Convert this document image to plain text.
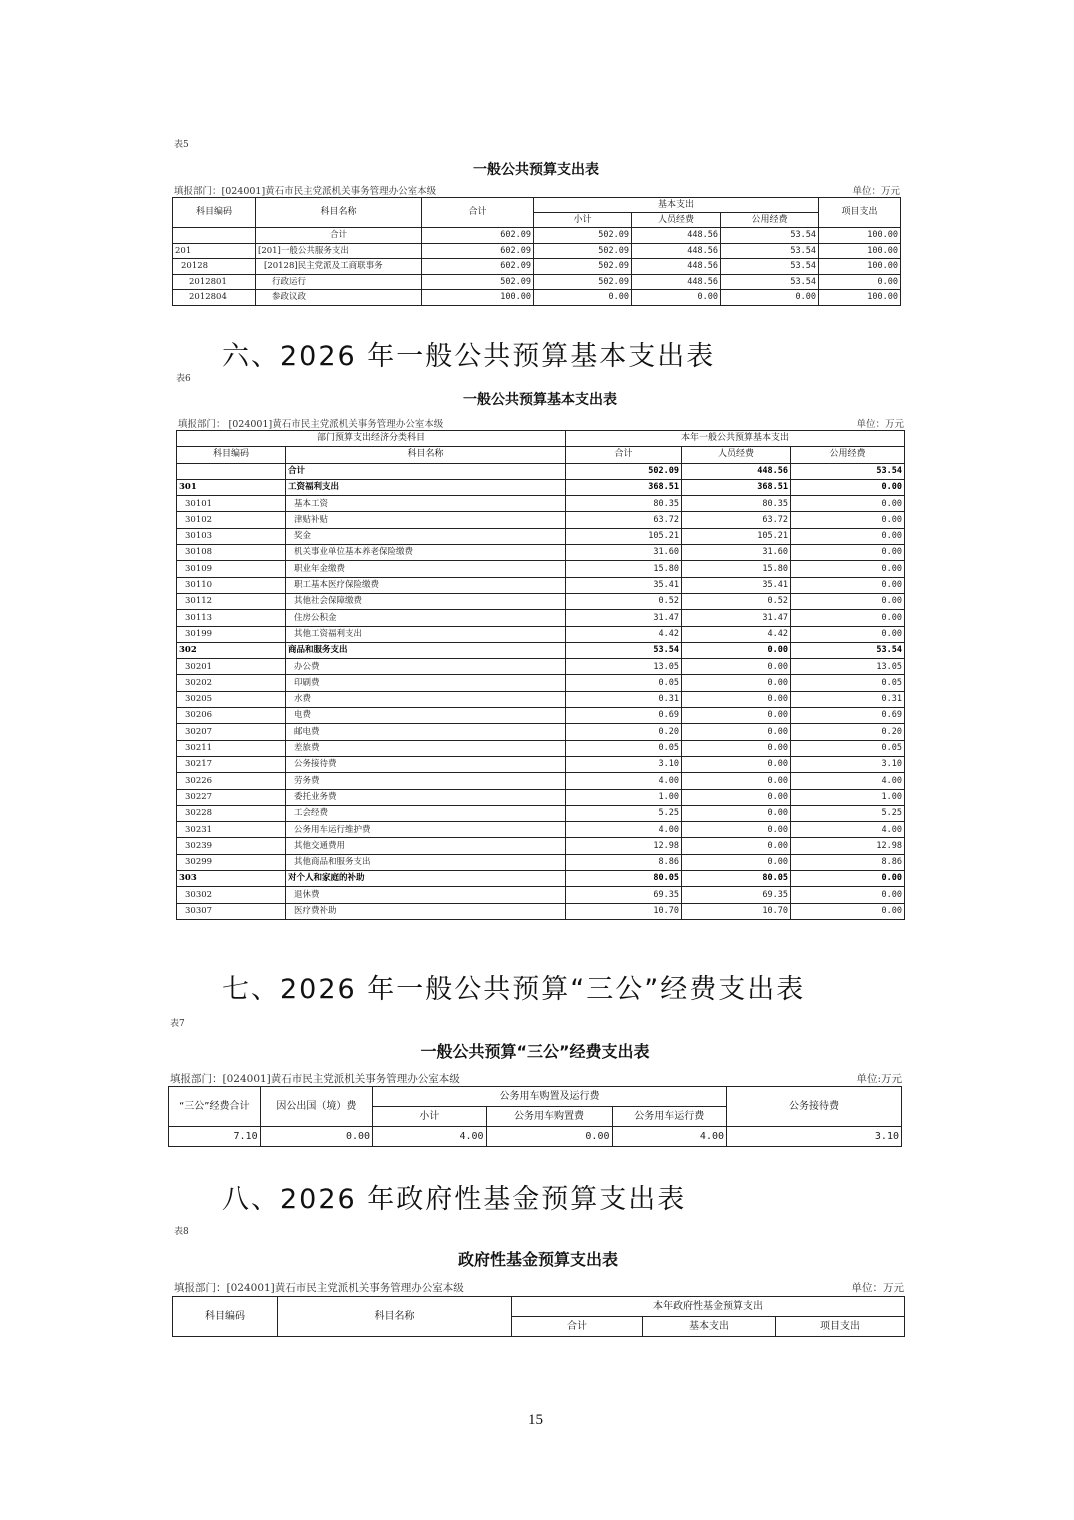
表5
一般公共预算支出表
填报部门：[024001]黄石市民主党派机关事务管理办公室本级	单位：万元
科目编码	科目名称	合计	基本支出			项目支出
			小计	人员经费	公用经费	
	合计	602.09	502.09	448.56	53.54	100.00
201	[201]一般公共服务支出	602.09	502.09	448.56	53.54	100.00
20128	[20128]民主党派及工商联事务	602.09	502.09	448.56	53.54	100.00
2012801	行政运行	502.09	502.09	448.56	53.54	0.00
2012804	参政议政	100.00	0.00	0.00	0.00	100.00
六、2026 年一般公共预算基本支出表
表6
一般公共预算基本支出表
填报部门： [024001]黄石市民主党派机关事务管理办公室本级	单位：万元
部门预算支出经济分类科目		本年一般公共预算基本支出		
科目编码	科目名称	合计	人员经费	公用经费
	合计	502.09	448.56	53.54
301	工资福利支出	368.51	368.51	0.00
30101	基本工资	80.35	80.35	0.00
30102	津贴补贴	63.72	63.72	0.00
30103	奖金	105.21	105.21	0.00
30108	机关事业单位基本养老保险缴费	31.60	31.60	0.00
30109	职业年金缴费	15.80	15.80	0.00
30110	职工基本医疗保险缴费	35.41	35.41	0.00
30112	其他社会保障缴费	0.52	0.52	0.00
30113	住房公积金	31.47	31.47	0.00
30199	其他工资福利支出	4.42	4.42	0.00
302	商品和服务支出	53.54	0.00	53.54
30201	办公费	13.05	0.00	13.05
30202	印刷费	0.05	0.00	0.05
30205	水费	0.31	0.00	0.31
30206	电费	0.69	0.00	0.69
30207	邮电费	0.20	0.00	0.20
30211	差旅费	0.05	0.00	0.05
30217	公务接待费	3.10	0.00	3.10
30226	劳务费	4.00	0.00	4.00
30227	委托业务费	1.00	0.00	1.00
30228	工会经费	5.25	0.00	5.25
30231	公务用车运行维护费	4.00	0.00	4.00
30239	其他交通费用	12.98	0.00	12.98
30299	其他商品和服务支出	8.86	0.00	8.86
303	对个人和家庭的补助	80.05	80.05	0.00
30302	退休费	69.35	69.35	0.00
30307	医疗费补助	10.70	10.70	0.00
七、2026 年一般公共预算“三公”经费支出表
表7
一般公共预算“三公”经费支出表
填报部门：[024001]黄石市民主党派机关事务管理办公室本级	单位:万元
“三公”经费合计	因公出国（境）费	公务用车购置及运行费			公务接待费
		小计	公务用车购置费	公务用车运行费	
7.10	0.00	4.00	0.00	4.00	3.10
八、2026 年政府性基金预算支出表
表8
政府性基金预算支出表
填报部门：[024001]黄石市民主党派机关事务管理办公室本级	单位：万元
科目编码	科目名称	本年政府性基金预算支出		
		合计	基本支出	项目支出
15
